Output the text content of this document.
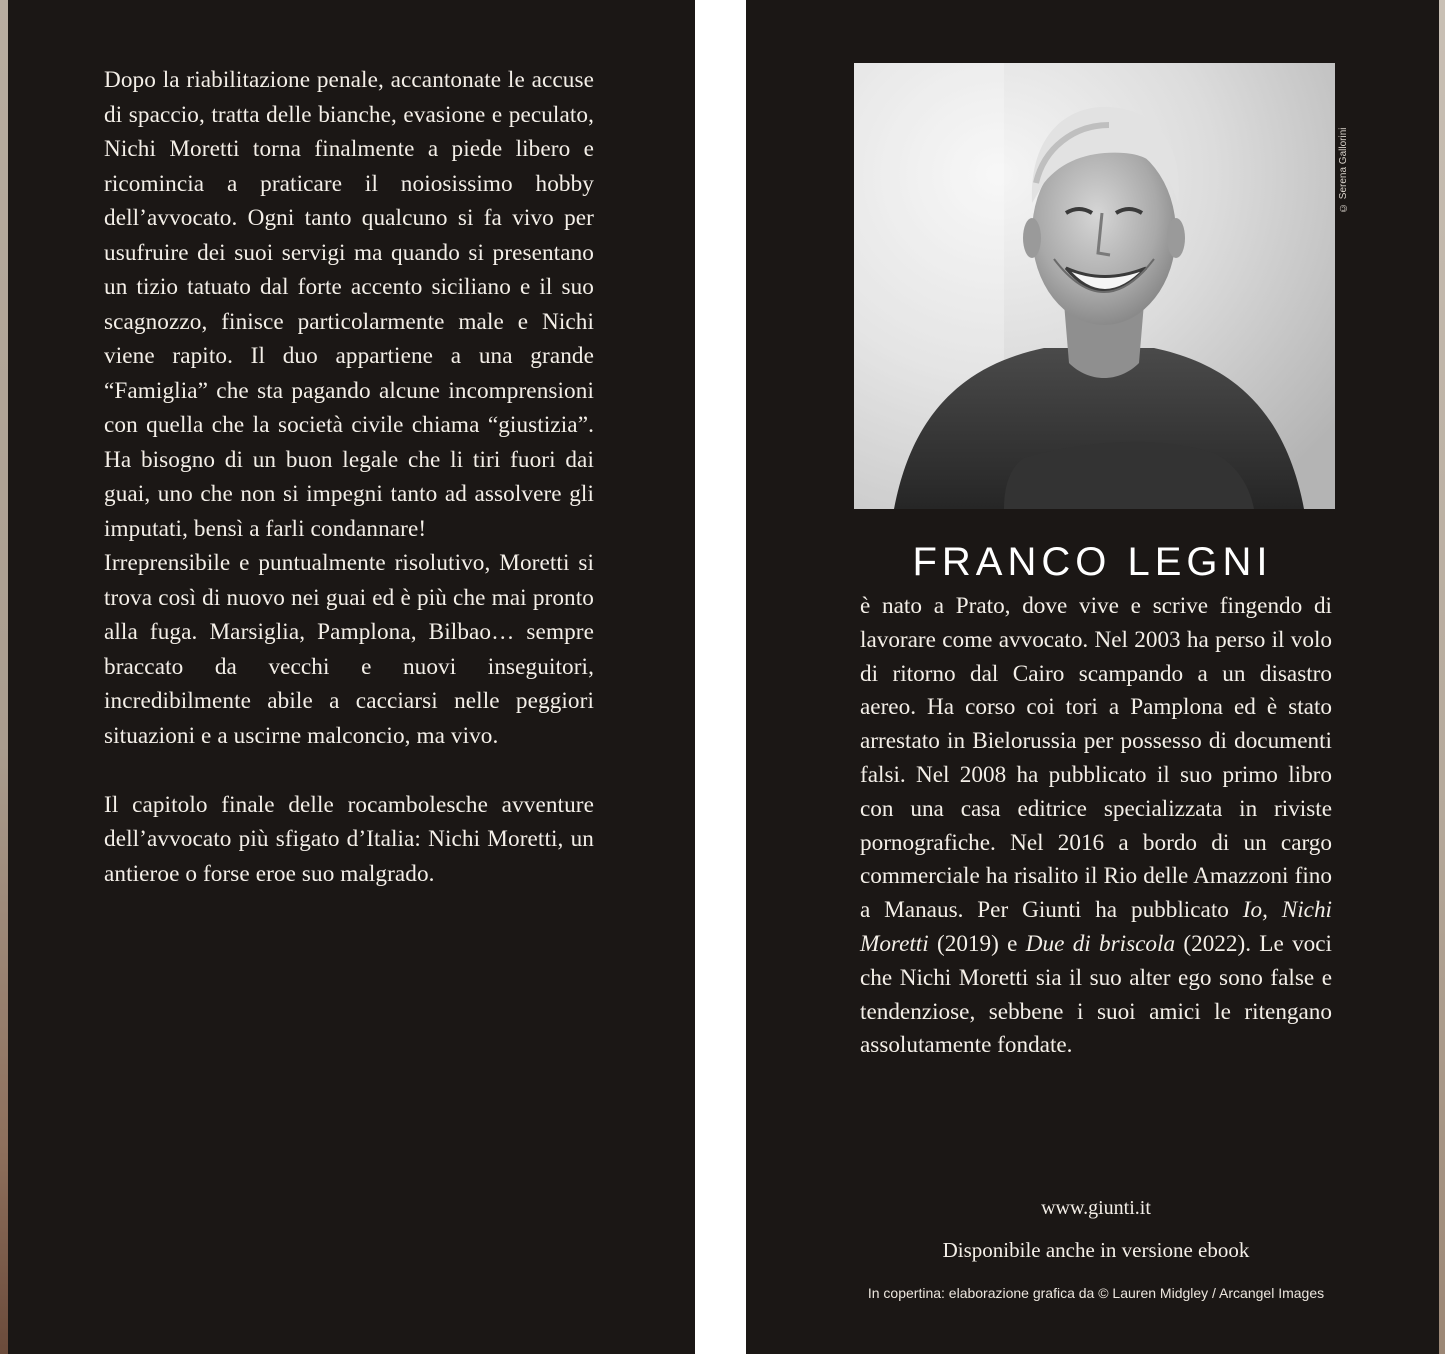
Dopo la riabilitazione penale, accantonate le accuse di spaccio, tratta delle bianche, evasione e peculato, Nichi Moretti torna finalmente a piede libero e ricomincia a praticare il noiosissimo hobby dell’avvocato. Ogni tanto qualcuno si fa vivo per usufruire dei suoi servigi ma quando si presentano un tizio tatuato dal forte accento siciliano e il suo scagnozzo, finisce particolarmente male e Nichi viene rapito. Il duo appartiene a una grande “Famiglia” che sta pagando alcune incomprensioni con quella che la società civile chiama “giustizia”. Ha bisogno di un buon legale che li tiri fuori dai guai, uno che non si impegni tanto ad assolvere gli imputati, bensì a farli condannare!

Irreprensibile e puntualmente risolutivo, Moretti si trova così di nuovo nei guai ed è più che mai pronto alla fuga. Marsiglia, Pamplona, Bilbao… sempre braccato da vecchi e nuovi inseguitori, incredibilmente abile a cacciarsi nelle peggiori situazioni e a uscirne malconcio, ma vivo.

Il capitolo finale delle rocambolesche avventure dell’avvocato più sfigato d’Italia: Nichi Moretti, un antieroe o forse eroe suo malgrado.

© Serena Gallorini
FRANCO LEGNI

è nato a Prato, dove vive e scrive fingendo di lavorare come avvocato. Nel 2003 ha perso il volo di ritorno dal Cairo scampando a un disastro aereo. Ha corso coi tori a Pamplona ed è stato arrestato in Bielorussia per possesso di documenti falsi. Nel 2008 ha pubblicato il suo primo libro con una casa editrice specializzata in riviste pornografiche. Nel 2016 a bordo di un cargo commerciale ha risalito il Rio delle Amazzoni fino a Manaus. Per Giunti ha pubblicato Io, Nichi Moretti (2019) e Due di briscola (2022). Le voci che Nichi Moretti sia il suo alter ego sono false e tendenziose, sebbene i suoi amici le ritengano assolutamente fondate.

www.giunti.it
Disponibile anche in versione ebook
In copertina: elaborazione grafica da © Lauren Midgley / Arcangel Images
